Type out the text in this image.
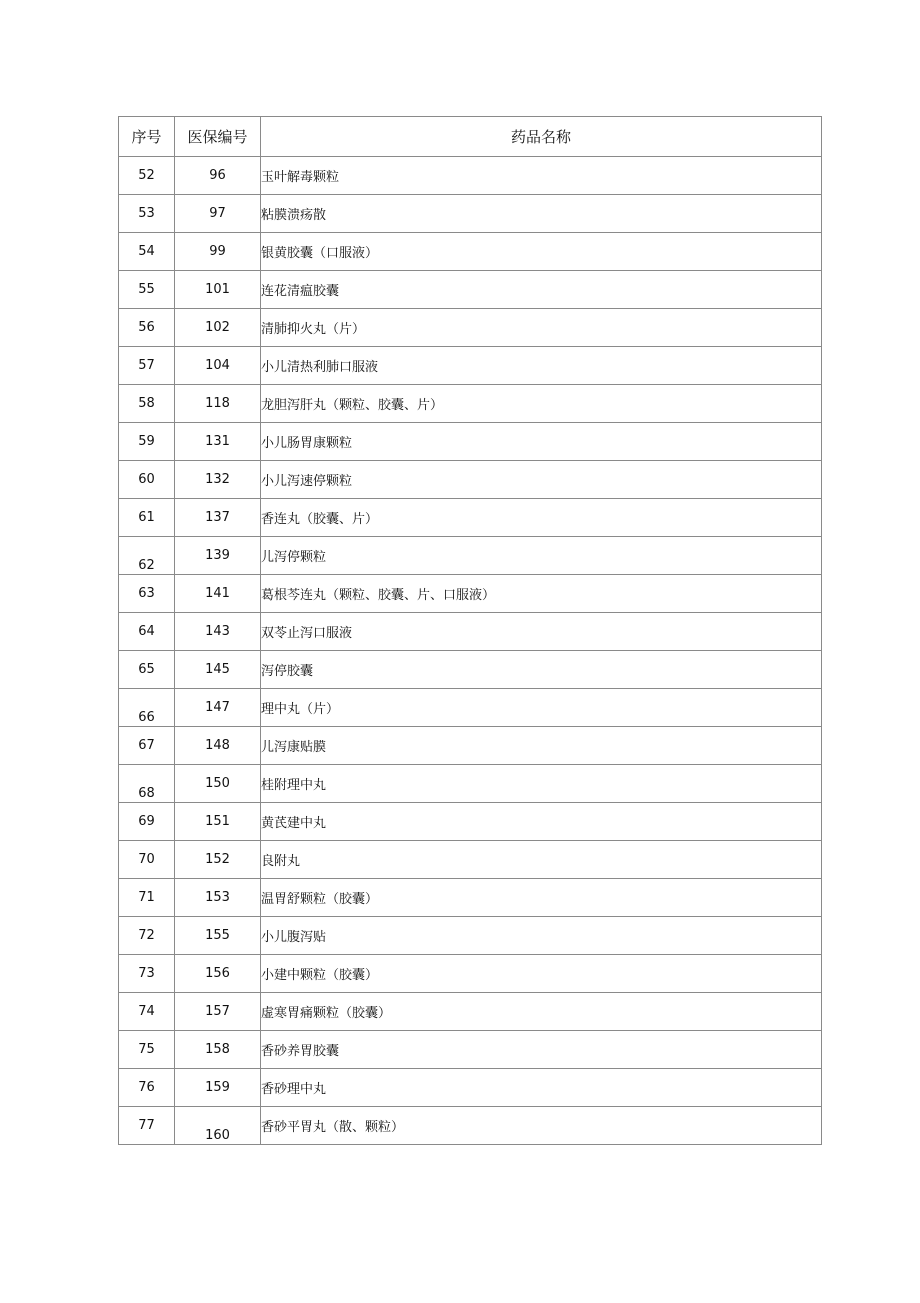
序号	医保编号	药品名称
52	96	玉叶解毒颗粒
53	97	粘膜溃疡散
54	99	银黄胶囊（口服液）
55	101	连花清瘟胶囊
56	102	清肺抑火丸（片）
57	104	小儿清热利肺口服液
58	118	龙胆泻肝丸（颗粒、胶囊、片）
59	131	小儿肠胃康颗粒
60	132	小儿泻速停颗粒
61	137	香连丸（胶囊、片）
62	139	儿泻停颗粒
63	141	葛根芩连丸（颗粒、胶囊、片、口服液）
64	143	双苓止泻口服液
65	145	泻停胶囊
66	147	理中丸（片）
67	148	儿泻康贴膜
68	150	桂附理中丸
69	151	黄芪建中丸
70	152	良附丸
71	153	温胃舒颗粒（胶囊）
72	155	小儿腹泻贴
73	156	小建中颗粒（胶囊）
74	157	虚寒胃痛颗粒（胶囊）
75	158	香砂养胃胶囊
76	159	香砂理中丸
77	160	香砂平胃丸（散、颗粒）
